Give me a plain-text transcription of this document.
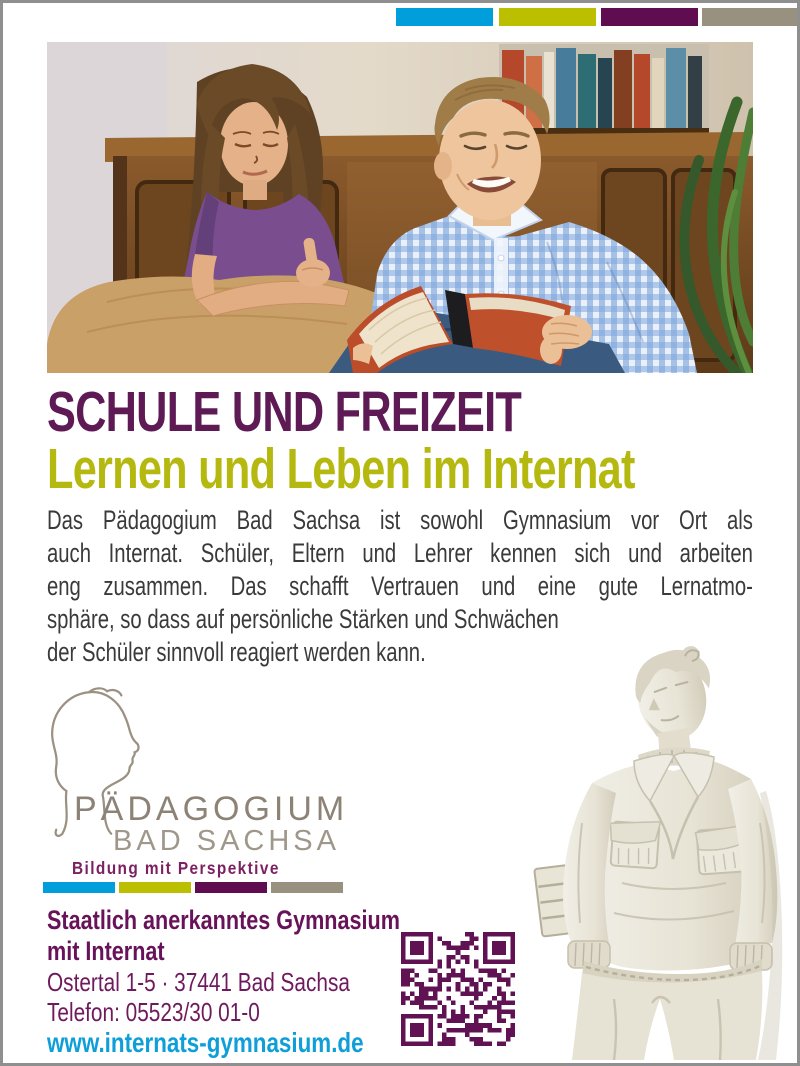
SCHULE UND FREIZEIT
Lernen und Leben im Internat
Das Pädagogium Bad Sachsa ist sowohl Gymnasium vor Ort als
auch Internat. Schüler, Eltern und Lehrer kennen sich und arbeiten
eng zusammen. Das schafft Vertrauen und eine gute Lernatmo-
sphäre, so dass auf persönliche Stärken und Schwächen
der Schüler sinnvoll reagiert werden kann.
PÄDAGOGIUM
BAD SACHSA
Bildung mit Perspektive
Staatlich anerkanntes Gymnasium
mit Internat
Ostertal 1-5 · 37441 Bad Sachsa
Telefon: 05523/30 01-0
www.internats-gymnasium.de
